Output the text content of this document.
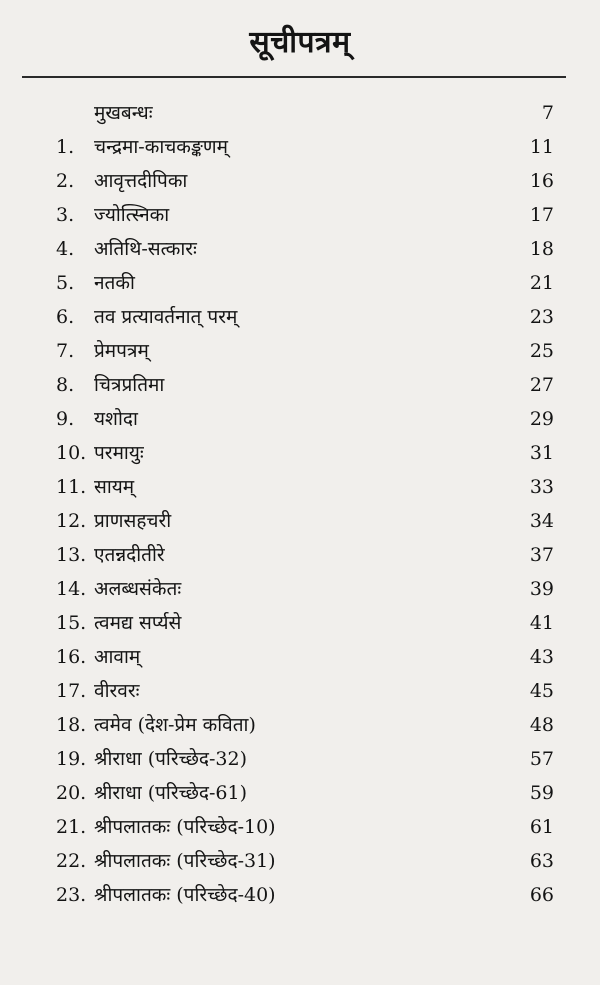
सूचीपत्रम्
मुखबन्धः	7
1.	चन्द्रमा-काचकङ्कणम्	11
2.	आवृत्तदीपिका	16
3.	ज्योत्स्निका	17
4.	अतिथि-सत्कारः	18
5.	नतकी	21
6.	तव प्रत्यावर्तनात् परम्	23
7.	प्रेमपत्रम्	25
8.	चित्रप्रतिमा	27
9.	यशोदा	29
10. परमायुः	31
11. सायम्	33
12. प्राणसहचरी	34
13. एतन्नदीतीरे	37
14. अलब्धसंकेतः	39
15. त्वमद्य सर्प्यसे	41
16. आवाम्	43
17. वीरवरः	45
18. त्वमेव (देश-प्रेम कविता)	48
19. श्रीराधा (परिच्छेद-32)	57
20. श्रीराधा (परिच्छेद-61)	59
21. श्रीपलातकः (परिच्छेद-10)	61
22. श्रीपलातकः (परिच्छेद-31)	63
23. श्रीपलातकः (परिच्छेद-40)	66
